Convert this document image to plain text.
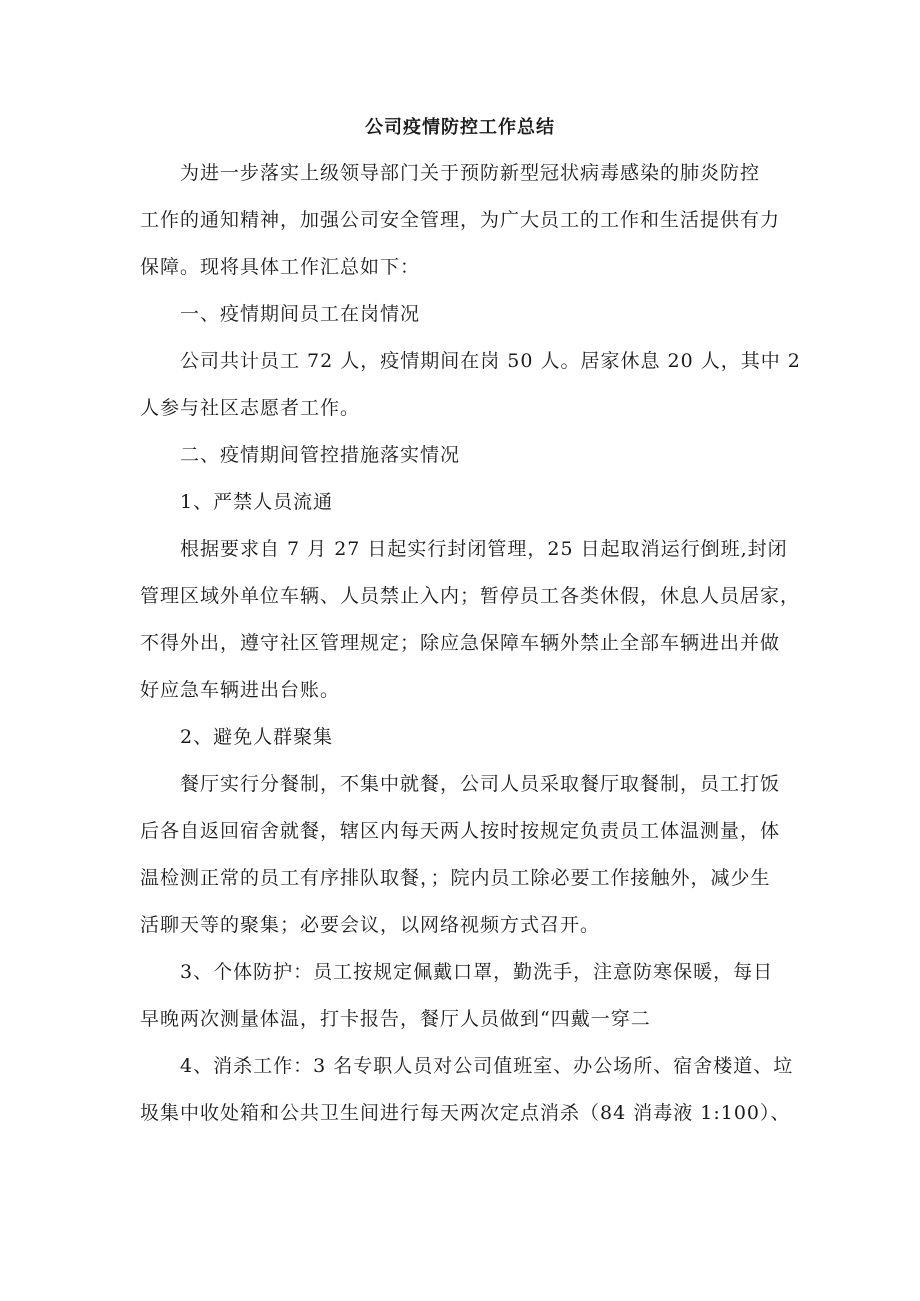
公司疫情防控工作总结
为进一步落实上级领导部门关于预防新型冠状病毒感染的肺炎防控
工作的通知精神，加强公司安全管理，为广大员工的工作和生活提供有力
保障。现将具体工作汇总如下：
一、疫情期间员工在岗情况
公司共计员工 72 人，疫情期间在岗 50 人。居家休息 20 人，其中 2
人参与社区志愿者工作。
二、疫情期间管控措施落实情况
1、严禁人员流通
根据要求自 7 月 27 日起实行封闭管理，25 日起取消运行倒班,封闭
管理区域外单位车辆、人员禁止入内；暂停员工各类休假，休息人员居家，
不得外出，遵守社区管理规定；除应急保障车辆外禁止全部车辆进出并做
好应急车辆进出台账。
2、避免人群聚集
餐厅实行分餐制，不集中就餐，公司人员采取餐厅取餐制，员工打饭
后各自返回宿舍就餐，辖区内每天两人按时按规定负责员工体温测量，体
温检测正常的员工有序排队取餐，；院内员工除必要工作接触外，减少生
活聊天等的聚集；必要会议，以网络视频方式召开。
3、个体防护：员工按规定佩戴口罩，勤洗手，注意防寒保暖，每日
早晚两次测量体温，打卡报告，餐厅人员做到“四戴一穿二
4、消杀工作：3 名专职人员对公司值班室、办公场所、宿舍楼道、垃
圾集中收处箱和公共卫生间进行每天两次定点消杀（84 消毒液 1:100）、
